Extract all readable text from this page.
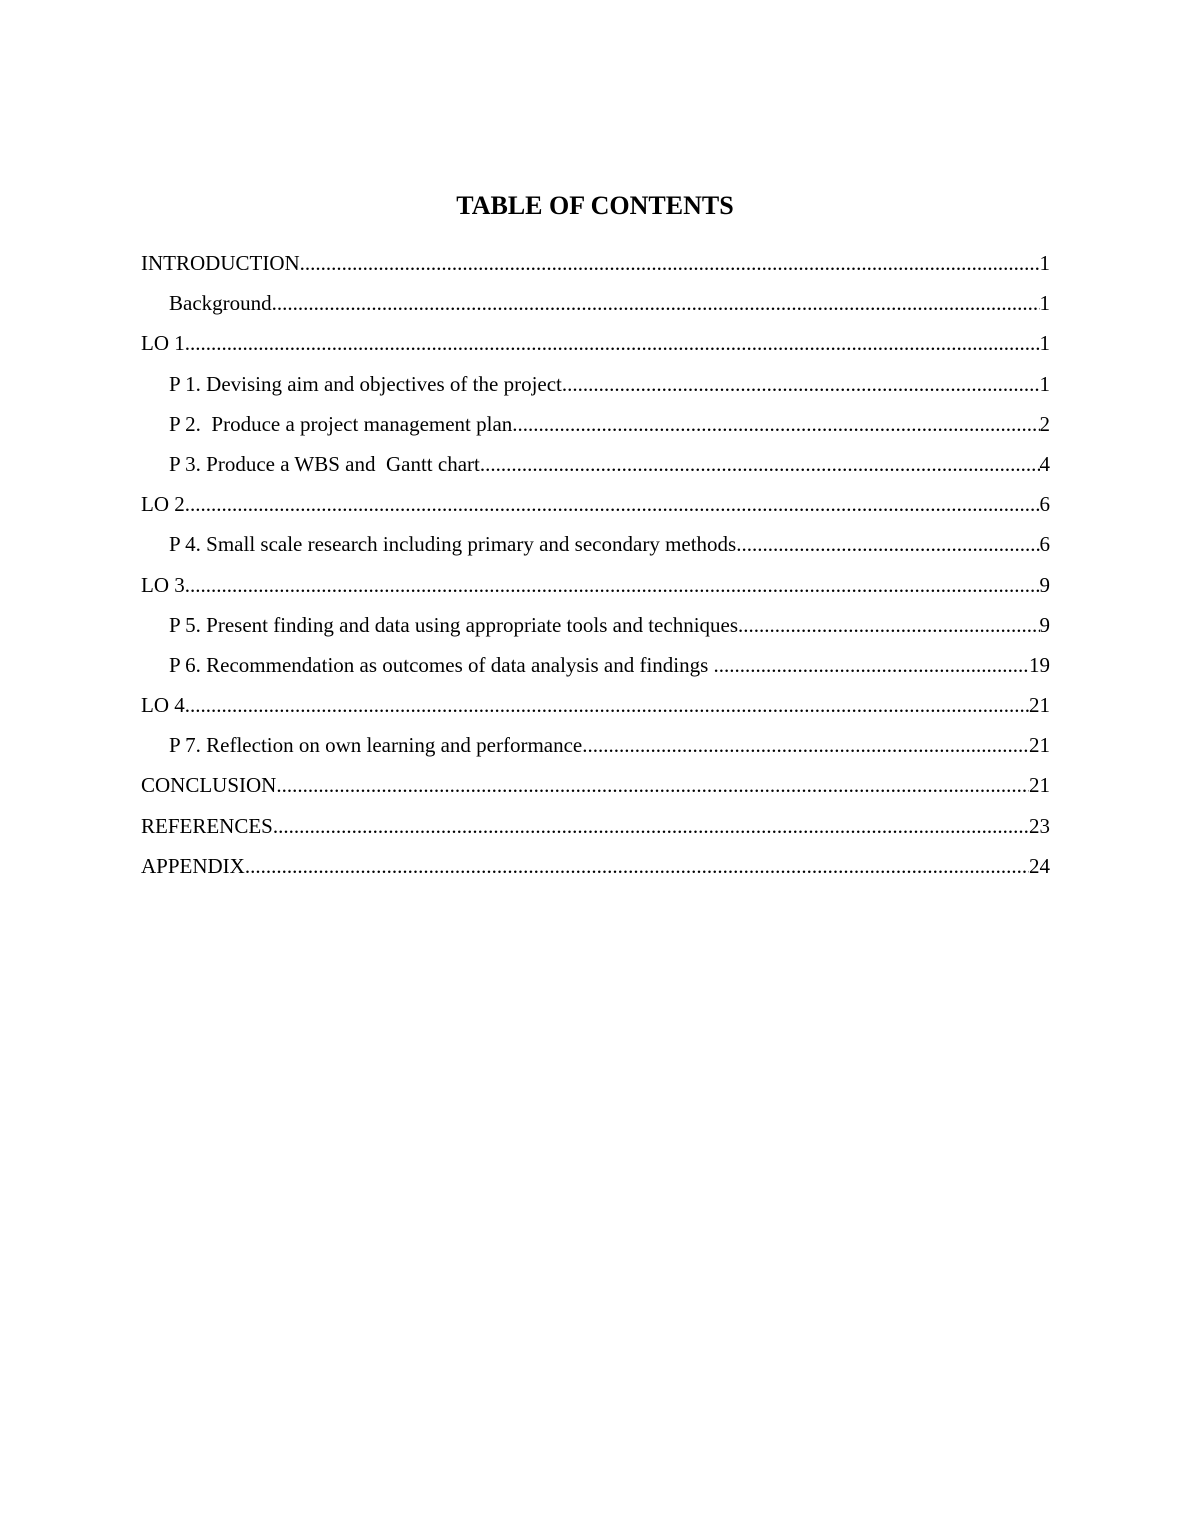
TABLE OF CONTENTS
INTRODUCTION .....	1
Background .....	1
LO 1 .....	1
P 1. Devising aim and objectives of the project .....	1
P 2.  Produce a project management plan .....	2
P 3. Produce a WBS and  Gantt chart .....	4
LO 2 .....	6
P 4. Small scale research including primary and secondary methods .....	6
LO 3 .....	9
P 5. Present finding and data using appropriate tools and techniques .....	9
P 6. Recommendation as outcomes of data analysis and findings .....	19
LO 4 .....	21
P 7. Reflection on own learning and performance .....	21
CONCLUSION .....	21
REFERENCES .....	23
APPENDIX .....	24
